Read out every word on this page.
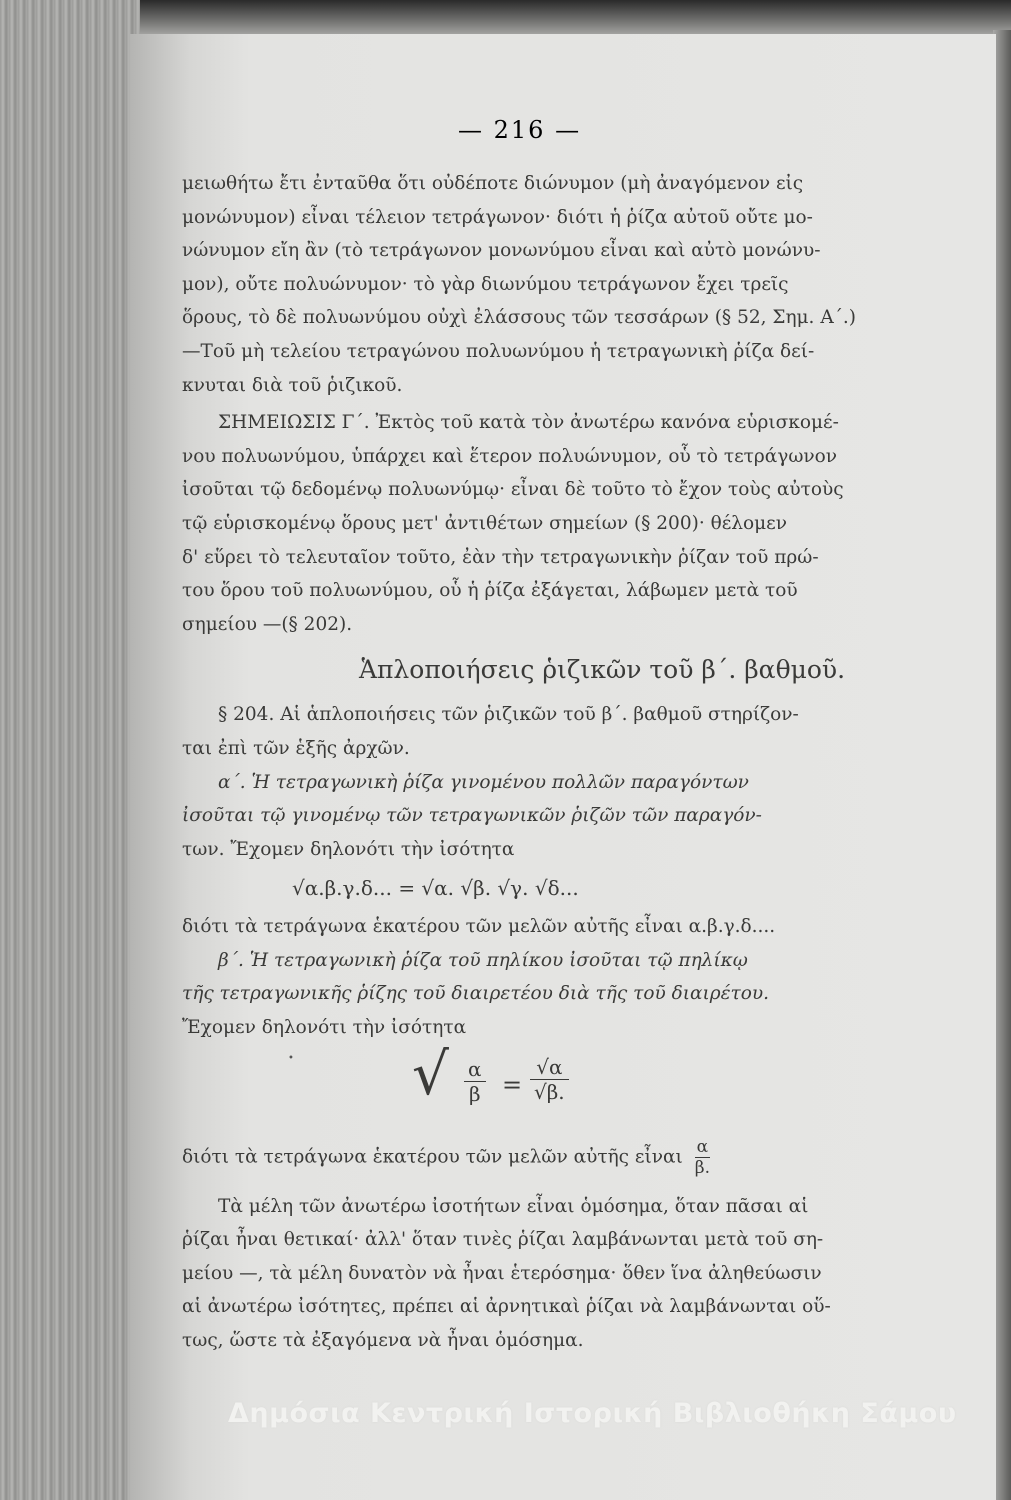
μειωθήτω ἔτι ἐνταῦθα ὅτι οὐδέποτε διώνυμον (μὴ ἀναγόμενον εἰς
μονώνυμον) εἶναι τέλειον τετράγωνον· διότι ἡ ῥίζα αὐτοῦ οὔτε μο-
νώνυμον εἴη ἂν (τὸ τετράγωνον μονωνύμου εἶναι καὶ αὐτὸ μονώνυ-
μον), οὔτε πολυώνυμον· τὸ γὰρ διωνύμου τετράγωνον ἔχει τρεῖς
ὅρους, τὸ δὲ πολυωνύμου οὐχὶ ἐλάσσους τῶν τεσσάρων (§ 52, Σημ. Α΄.)
—Τοῦ μὴ τελείου τετραγώνου πολυωνύμου ἡ τετραγωνικὴ ῥίζα δεί-
κνυται διὰ τοῦ ῥιζικοῦ.
ΣΗΜΕΙΩΣΙΣ Γ΄. Ἐκτὸς τοῦ κατὰ τὸν ἀνωτέρω κανόνα εὑρισκομέ-
νου πολυωνύμου, ὑπάρχει καὶ ἕτερον πολυώνυμον, οὗ τὸ τετράγωνον
ἰσοῦται τῷ δεδομένῳ πολυωνύμῳ· εἶναι δὲ τοῦτο τὸ ἔχον τοὺς αὐτοὺς
τῷ εὑρισκομένῳ ὅρους μετ' ἀντιθέτων σημείων (§ 200)· θέλομεν
δ' εὕρει τὸ τελευταῖον τοῦτο, ἐὰν τὴν τετραγωνικὴν ῥίζαν τοῦ πρώ-
του ὅρου τοῦ πολυωνύμου, οὗ ἡ ῥίζα ἐξάγεται, λάβωμεν μετὰ τοῦ
σημείου —(§ 202).
Ἁπλοποιήσεις ῥιζικῶν τοῦ β΄. βαθμοῦ.
§ 204. Αἱ ἁπλοποιήσεις τῶν ῥιζικῶν τοῦ β΄. βαθμοῦ στηρίζον-
ται ἐπὶ τῶν ἑξῆς ἀρχῶν.
α΄. Ἡ τετραγωνικὴ ῥίζα γινομένου πολλῶν παραγόντων
ἰσοῦται τῷ γινομένῳ τῶν τετραγωνικῶν ῥιζῶν τῶν παραγόν-
των. Ἔχομεν δηλονότι τὴν ἰσότητα
√α.β.γ.δ... = √α. √β. √γ. √δ...
διότι τὰ τετράγωνα ἑκατέρου τῶν μελῶν αὐτῆς εἶναι α.β.γ.δ....
β΄. Ἡ τετραγωνικὴ ῥίζα τοῦ πηλίκου ἰσοῦται τῷ πηλίκῳ
τῆς τετραγωνικῆς ῥίζης τοῦ διαιρετέου διὰ τῆς τοῦ διαιρέτου.
Ἔχομεν δηλονότι τὴν ἰσότητα
√ $\frac{\alpha}{\beta} = \frac{√\alpha}{√\beta.}$
διότι τὰ τετράγωνα ἑκατέρου τῶν μελῶν αὐτῆς εἶναι $\frac{\alpha}{\beta.}$
Τὰ μέλη τῶν ἀνωτέρω ἰσοτήτων εἶναι ὁμόσημα, ὅταν πᾶσαι αἱ
ῥίζαι ἦναι θετικαί· ἀλλ' ὅταν τινὲς ῥίζαι λαμβάνωνται μετὰ τοῦ ση-
μείου —, τὰ μέλη δυνατὸν νὰ ἦναι ἑτερόσημα· ὅθεν ἵνα ἀληθεύωσιν
αἱ ἀνωτέρω ἰσότητες, πρέπει αἱ ἀρνητικαὶ ῥίζαι νὰ λαμβάνωνται οὕ-
τως, ὥστε τὰ ἐξαγόμενα νὰ ἦναι ὁμόσημα.
— 216 —
•
Δημόσια Κεντρική Ιστορική Βιβλιοθήκη Σάμου
